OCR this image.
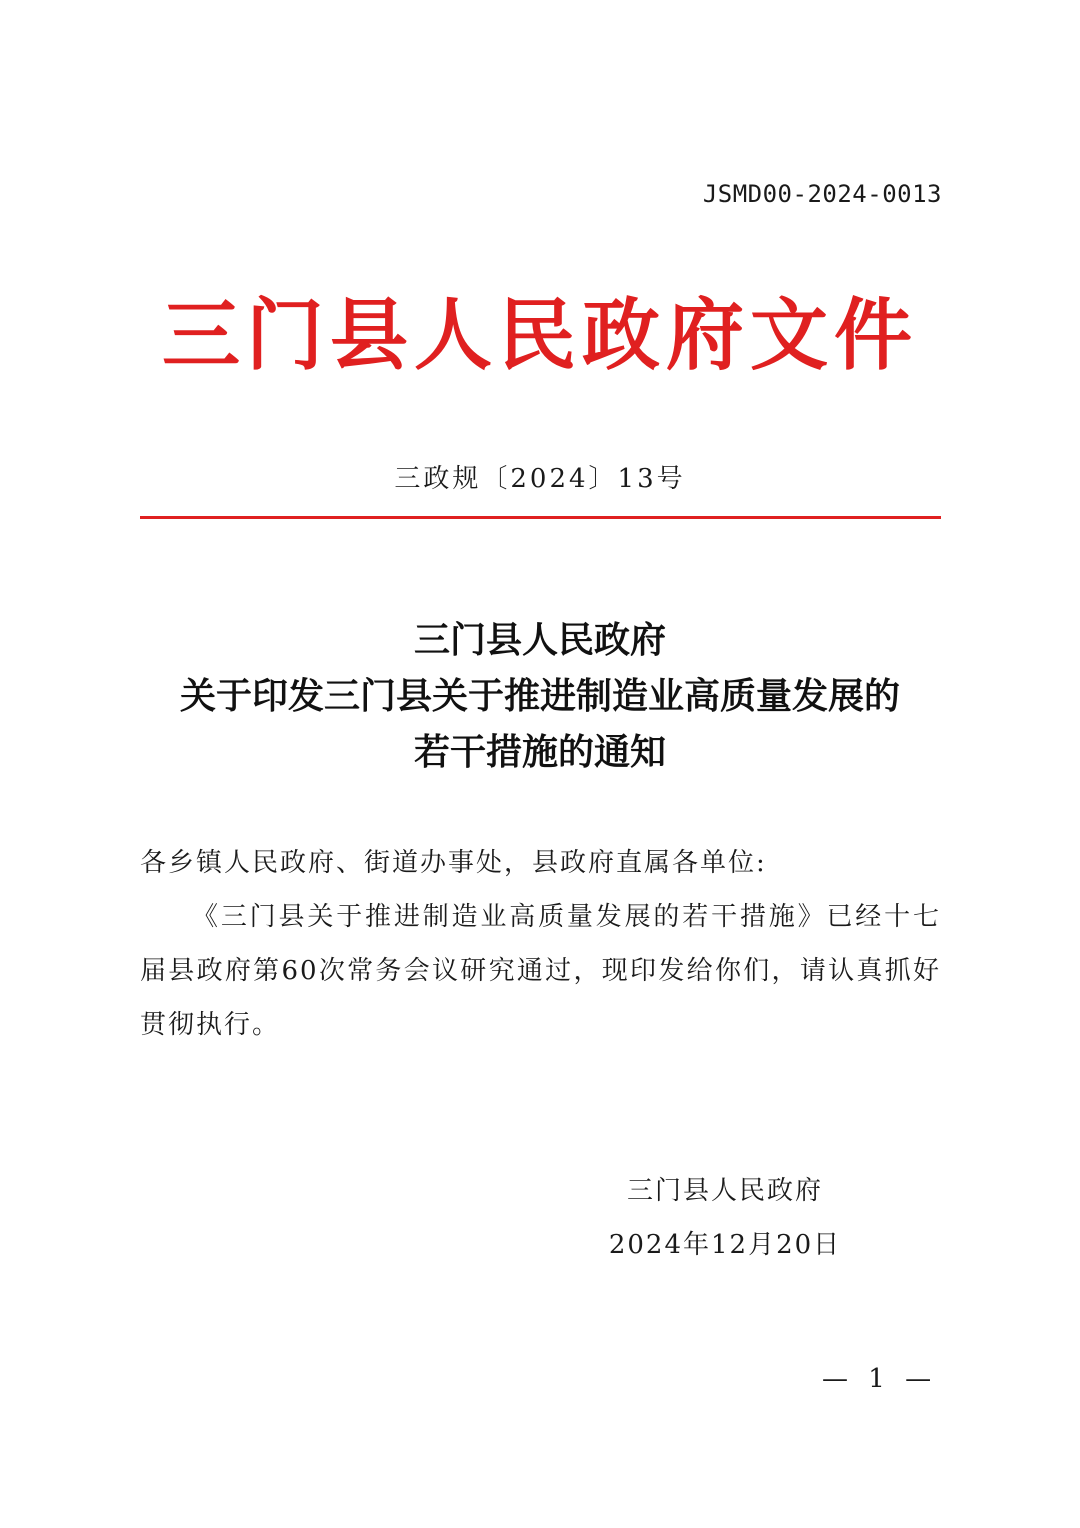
JSMD00-2024-0013
三门县人民政府文件
三政规〔2024〕13号
三门县人民政府
关于印发三门县关于推进制造业高质量发展的
若干措施的通知

各乡镇人民政府、街道办事处，县政府直属各单位:

《三门县关于推进制造业高质量发展的若干措施》已经十七届县政府第60次常务会议研究通过，现印发给你们，请认真抓好贯彻执行。

三门县人民政府
2024年12月20日
— 1 —
